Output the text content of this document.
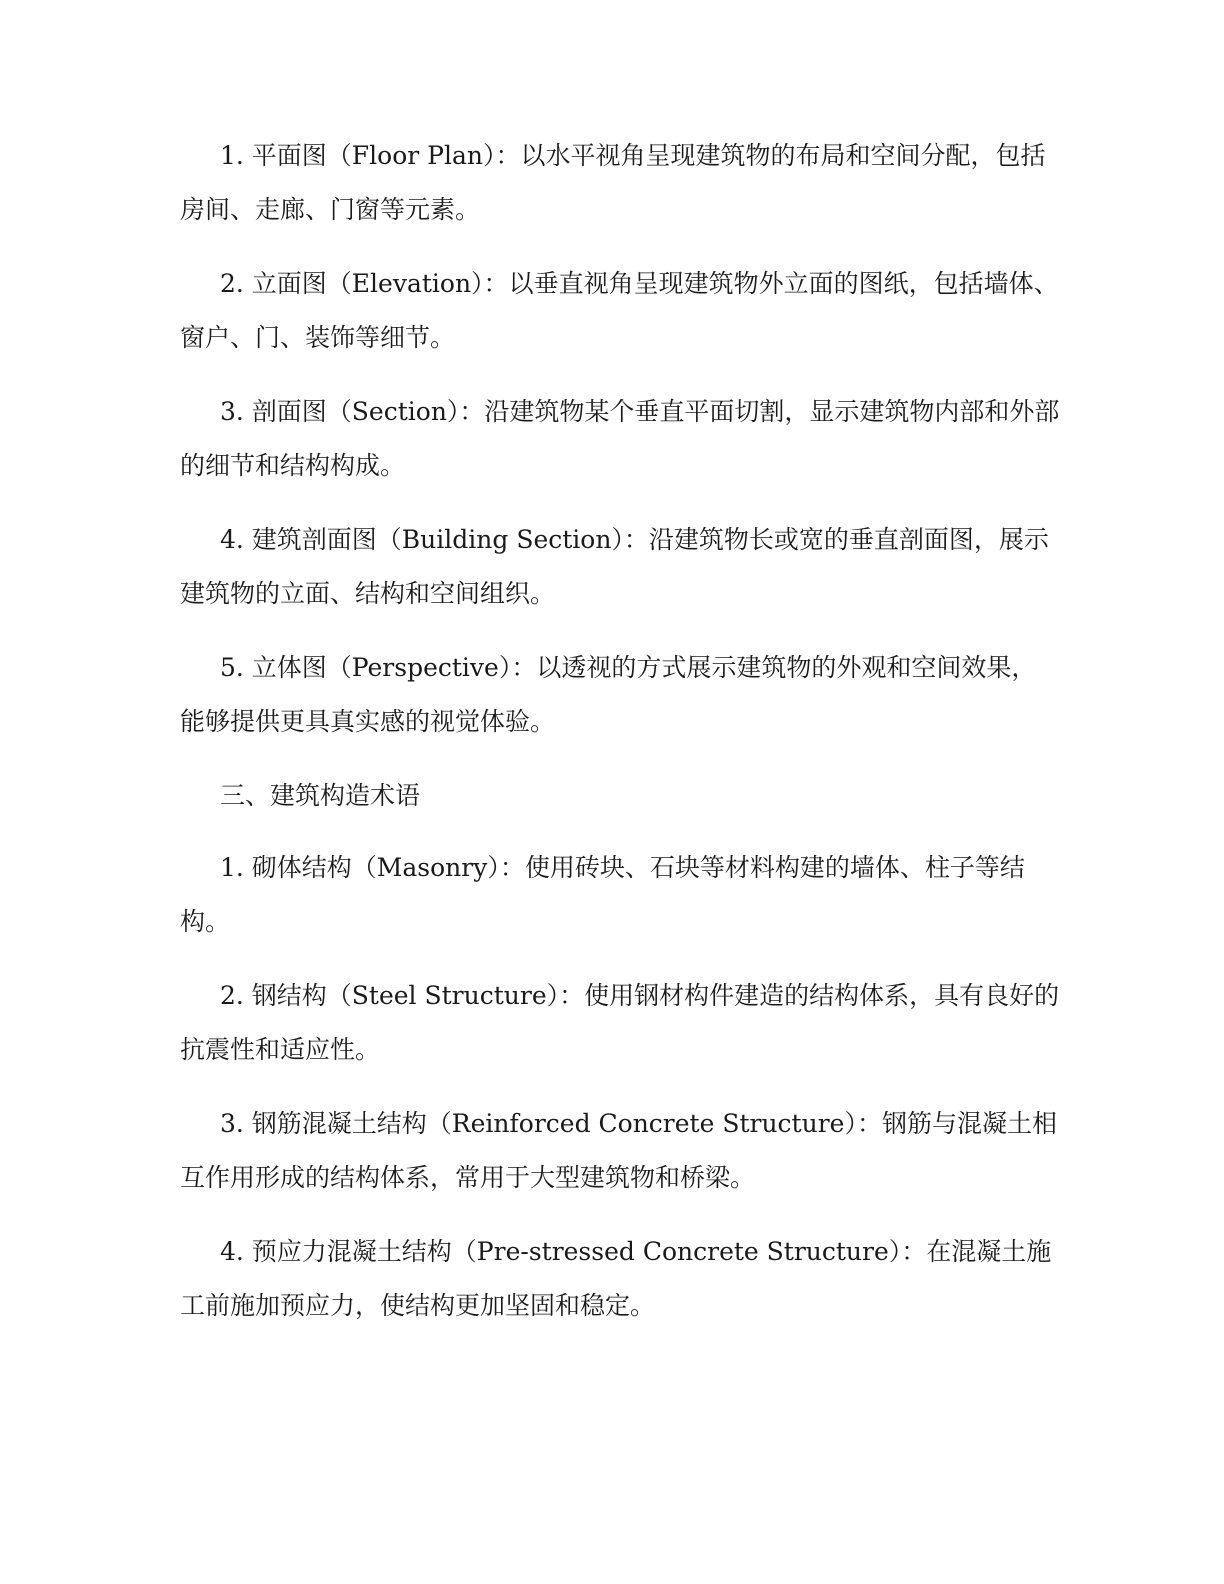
1. 平面图（Floor Plan）：以水平视角呈现建筑物的布局和空间分配，包括房间、走廊、门窗等元素。

2. 立面图（Elevation）：以垂直视角呈现建筑物外立面的图纸，包括墙体、窗户、门、装饰等细节。

3. 剖面图（Section）：沿建筑物某个垂直平面切割，显示建筑物内部和外部的细节和结构构成。

4. 建筑剖面图（Building Section）：沿建筑物长或宽的垂直剖面图，展示建筑物的立面、结构和空间组织。

5. 立体图（Perspective）：以透视的方式展示建筑物的外观和空间效果，能够提供更具真实感的视觉体验。

三、建筑构造术语

1. 砌体结构（Masonry）：使用砖块、石块等材料构建的墙体、柱子等结构。

2. 钢结构（Steel Structure）：使用钢材构件建造的结构体系，具有良好的抗震性和适应性。

3. 钢筋混凝土结构（Reinforced Concrete Structure）：钢筋与混凝土相互作用形成的结构体系，常用于大型建筑物和桥梁。

4. 预应力混凝土结构（Pre-stressed Concrete Structure）：在混凝土施工前施加预应力，使结构更加坚固和稳定。
